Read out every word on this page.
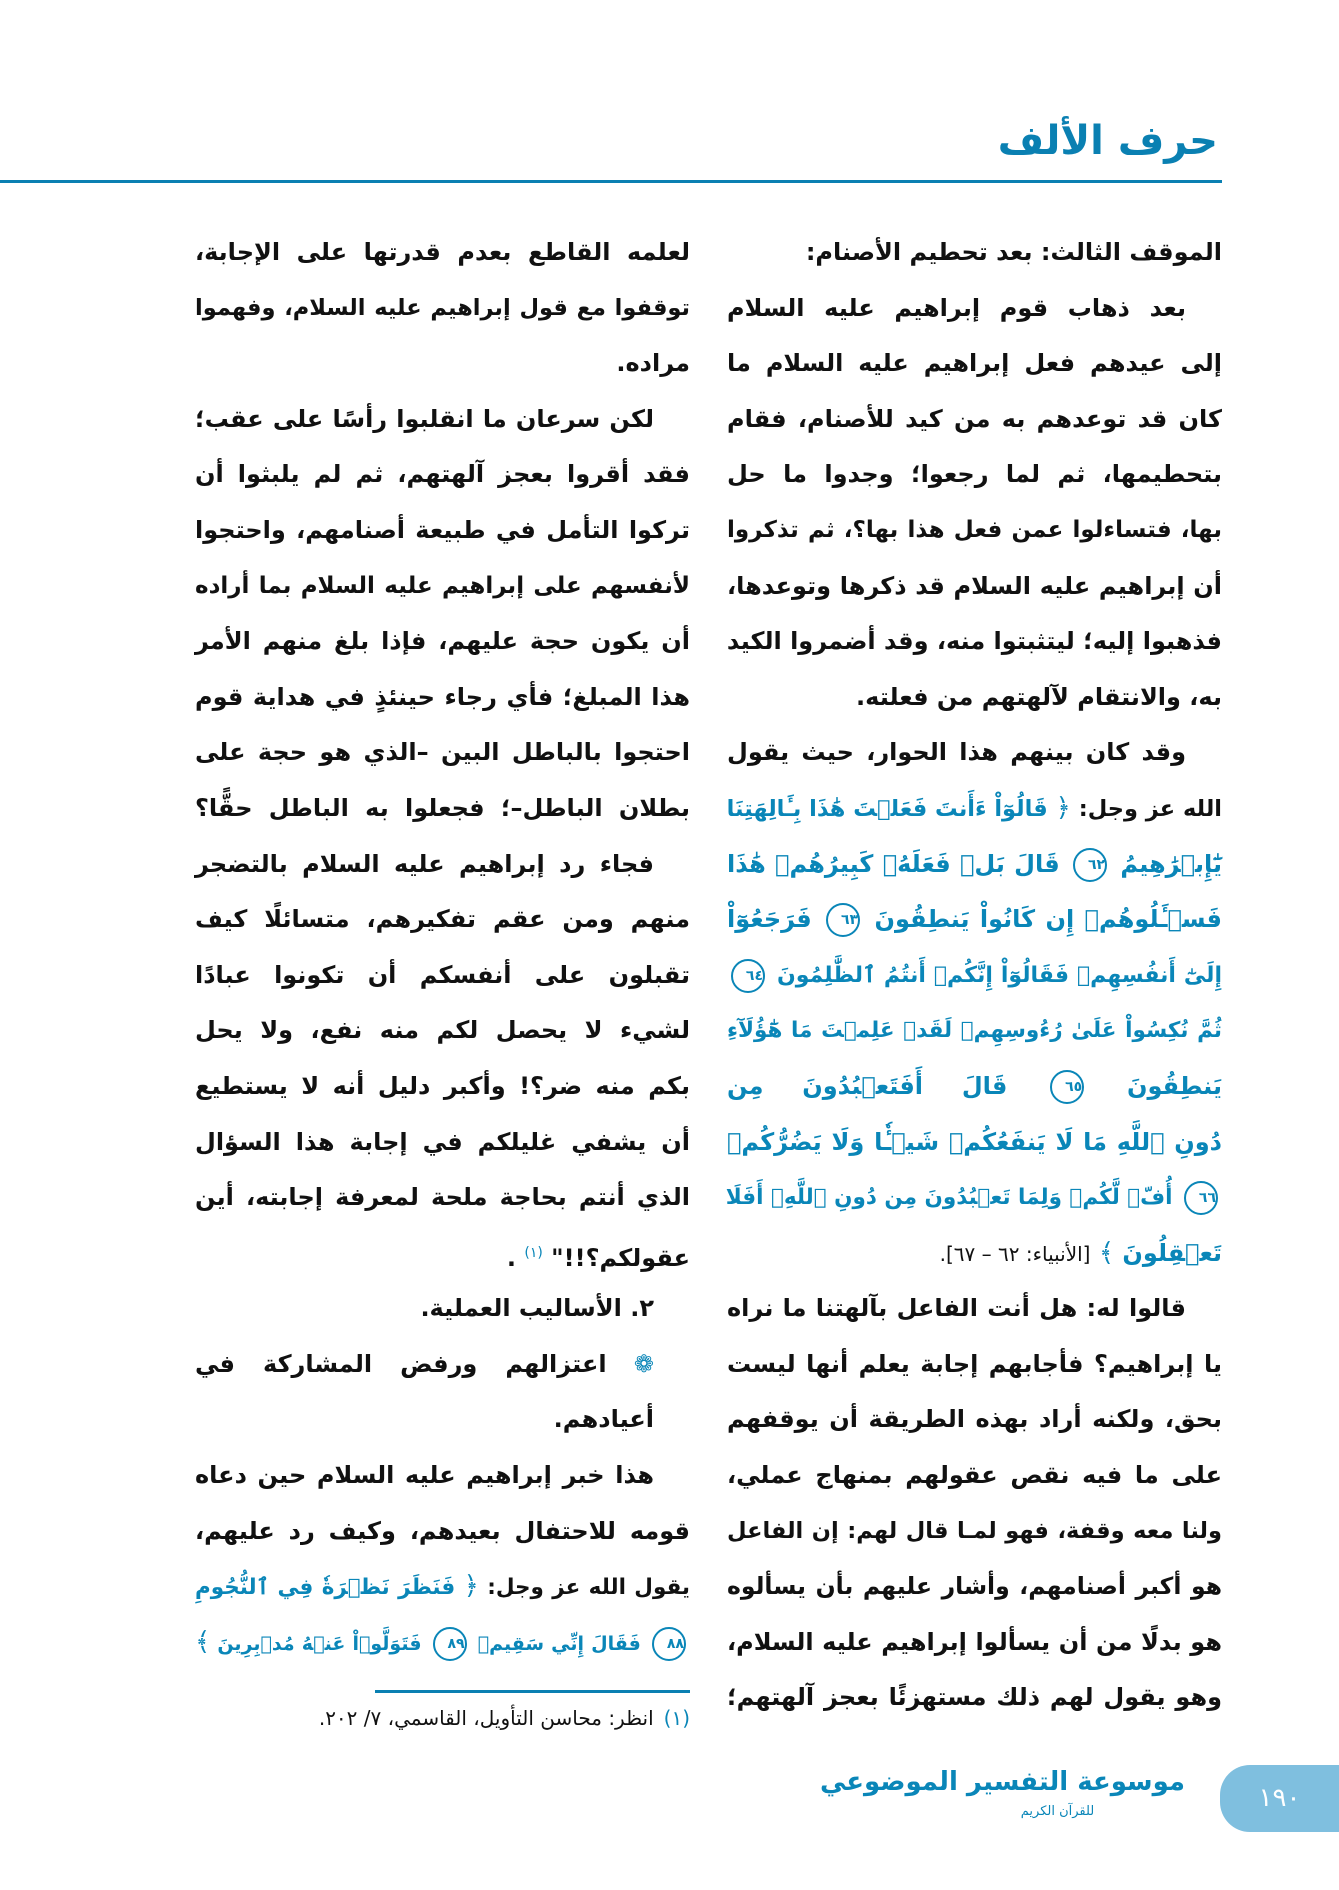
حرف الألف
الموقف الثالث: بعد تحطيم الأصنام:
بعد ذهاب قوم إبراهيم عليه السلام
إلى عيدهم فعل إبراهيم عليه السلام ما
كان قد توعدهم به من كيد للأصنام، فقام
بتحطيمها، ثم لما رجعوا؛ وجدوا ما حل
بها، فتساءلوا عمن فعل هذا بها؟، ثم تذكروا
أن إبراهيم عليه السلام قد ذكرها وتوعدها،
فذهبوا إليه؛ ليتثبتوا منه، وقد أضمروا الكيد
به، والانتقام لآلهتهم من فعلته.
وقد كان بينهم هذا الحوار، حيث يقول
الله عز وجل: ﴿ قَالُوٓاْ ءَأَنتَ فَعَلۡتَ هَٰذَا بِـَٔالِهَتِنَا
يَٰٓإِبۡرَٰهِيمُ ٦٢ قَالَ بَلۡ فَعَلَهُۥ كَبِيرُهُمۡ هَٰذَا
فَسۡـَٔلُوهُمۡ إِن كَانُواْ يَنطِقُونَ ٦٣ فَرَجَعُوٓاْ
إِلَىٰٓ أَنفُسِهِمۡ فَقَالُوٓاْ إِنَّكُمۡ أَنتُمُ ٱلظَّٰلِمُونَ ٦٤
ثُمَّ نُكِسُواْ عَلَىٰ رُءُوسِهِمۡ لَقَدۡ عَلِمۡتَ مَا هَٰٓؤُلَآءِ
يَنطِقُونَ ٦٥ قَالَ أَفَتَعۡبُدُونَ مِن
دُونِ ٱللَّهِ مَا لَا يَنفَعُكُمۡ شَيۡـٔٗا وَلَا يَضُرُّكُمۡ
٦٦ أُفّٖ لَّكُمۡ وَلِمَا تَعۡبُدُونَ مِن دُونِ ٱللَّهِۚ أَفَلَا
تَعۡقِلُونَ ﴾ [الأنبياء: ٦٢ – ٦٧].
قالوا له: هل أنت الفاعل بآلهتنا ما نراه
يا إبراهيم؟ فأجابهم إجابة يعلم أنها ليست
بحق، ولكنه أراد بهذه الطريقة أن يوقفهم
على ما فيه نقص عقولهم بمنهاج عملي،
ولنا معه وقفة، فهو لمـا قال لهم: إن الفاعل
هو أكبر أصنامهم، وأشار عليهم بأن يسألوه
هو بدلًا من أن يسألوا إبراهيم عليه السلام،
وهو يقول لهم ذلك مستهزئًا بعجز آلهتهم؛
لعلمه القاطع بعدم قدرتها على الإجابة،
توقفوا مع قول إبراهيم عليه السلام، وفهموا
مراده.
لكن سرعان ما انقلبوا رأسًا على عقب؛
فقد أقروا بعجز آلهتهم، ثم لم يلبثوا أن
تركوا التأمل في طبيعة أصنامهم، واحتجوا
لأنفسهم على إبراهيم عليه السلام بما أراده
أن يكون حجة عليهم، فإذا بلغ منهم الأمر
هذا المبلغ؛ فأي رجاء حينئذٍ في هداية قوم
احتجوا بالباطل البين –الذي هو حجة على
بطلان الباطل–؛ فجعلوا به الباطل حقًّا؟
فجاء رد إبراهيم عليه السلام بالتضجر
منهم ومن عقم تفكيرهم، متسائلًا كيف
تقبلون على أنفسكم أن تكونوا عبادًا
لشيء لا يحصل لكم منه نفع، ولا يحل
بكم منه ضر؟! وأكبر دليل أنه لا يستطيع
أن يشفي غليلكم في إجابة هذا السؤال
الذي أنتم بحاجة ملحة لمعرفة إجابته، أين
عقولكم؟!!" $^{(١)}$ .
٢. الأساليب العملية.
❁ اعتزالهم ورفض المشاركة في
أعيادهم.
هذا خبر إبراهيم عليه السلام حين دعاه
قومه للاحتفال بعيدهم، وكيف رد عليهم،
يقول الله عز وجل: ﴿ فَنَظَرَ نَظۡرَةٗ فِي ٱلنُّجُومِ
٨٨ فَقَالَ إِنِّي سَقِيمٞ ٨٩ فَتَوَلَّوۡاْ عَنۡهُ مُدۡبِرِينَ ﴾
(١)انظر: محاسن التأويل، القاسمي، ٧/ ٢٠٢.
موسوعة التفسير الموضوعي
للقرآن الكريم	١٩٠
